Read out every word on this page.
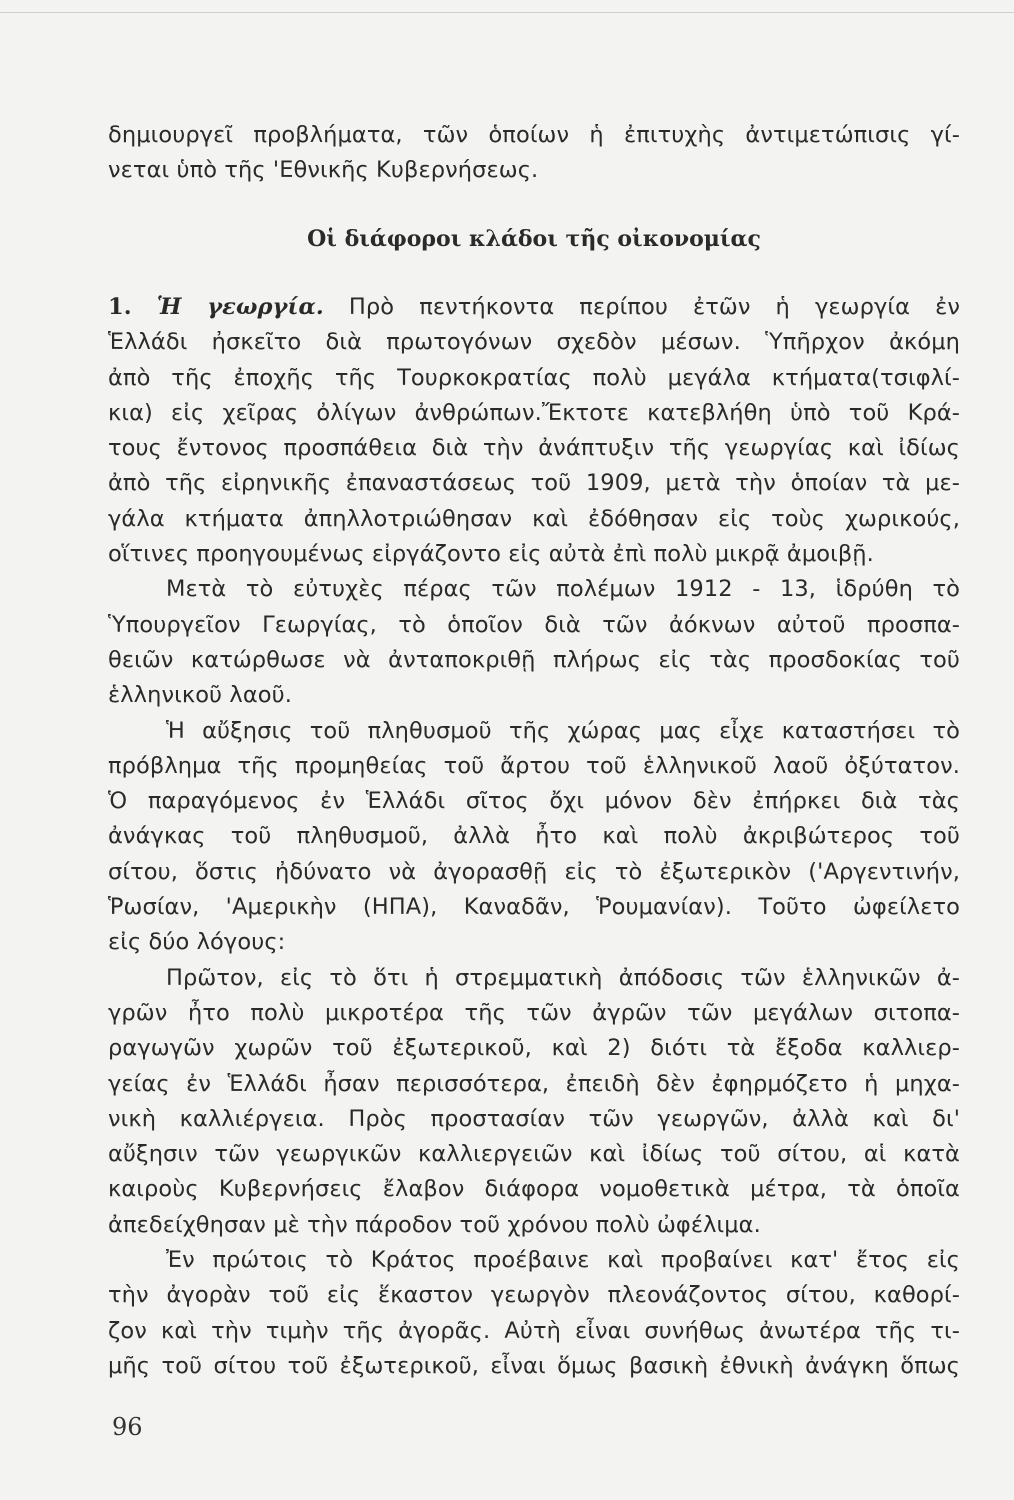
δημιουργεῖ προβλήματα, τῶν ὁποίων ἡ ἐπιτυχὴς ἀντιμετώπισις γί-
νεται ὑπὸ τῆς 'Εθνικῆς Κυβερνήσεως.
Οἱ διάφοροι κλάδοι τῆς οἰκονομίας
1. Ἡ γεωργία. Πρὸ πεντήκοντα περίπου ἐτῶν ἡ γεωργία ἐν
Ἑλλάδι ἠσκεῖτο διὰ πρωτογόνων σχεδὸν μέσων. Ὑπῆρχον ἀκόμη
ἀπὸ τῆς ἐποχῆς τῆς Τουρκοκρατίας πολὺ μεγάλα κτήματα(τσιφλί-
κια) εἰς χεῖρας ὀλίγων ἀνθρώπων.Ἔκτοτε κατεβλήθη ὑπὸ τοῦ Κρά-
τους ἔντονος προσπάθεια διὰ τὴν ἀνάπτυξιν τῆς γεωργίας καὶ ἰδίως
ἀπὸ τῆς εἰρηνικῆς ἐπαναστάσεως τοῦ 1909, μετὰ τὴν ὁποίαν τὰ με-
γάλα κτήματα ἀπηλλοτριώθησαν καὶ ἐδόθησαν εἰς τοὺς χωρικούς,
οἵτινες προηγουμένως εἰργάζοντο εἰς αὐτὰ ἐπὶ πολὺ μικρᾷ ἀμοιβῇ.
Μετὰ τὸ εὐτυχὲς πέρας τῶν πολέμων 1912 - 13, ἱδρύθη τὸ
Ὑπουργεῖον Γεωργίας, τὸ ὁποῖον διὰ τῶν ἀόκνων αὐτοῦ προσπα-
θειῶν κατώρθωσε νὰ ἀνταποκριθῇ πλήρως εἰς τὰς προσδοκίας τοῦ
ἑλληνικοῦ λαοῦ.
Ἡ αὔξησις τοῦ πληθυσμοῦ τῆς χώρας μας εἶχε καταστήσει τὸ
πρόβλημα τῆς προμηθείας τοῦ ἄρτου τοῦ ἑλληνικοῦ λαοῦ ὀξύτατον.
Ὁ παραγόμενος ἐν Ἑλλάδι σῖτος ὄχι μόνον δὲν ἐπήρκει διὰ τὰς
ἀνάγκας τοῦ πληθυσμοῦ, ἀλλὰ ἦτο καὶ πολὺ ἀκριβώτερος τοῦ
σίτου, ὅστις ἠδύνατο νὰ ἀγορασθῇ εἰς τὸ ἐξωτερικὸν ('Αργεντινήν,
Ῥωσίαν, 'Αμερικὴν (ΗΠΑ), Καναδᾶν, Ῥουμανίαν). Τοῦτο ὠφείλετο
εἰς δύο λόγους:
Πρῶτον, εἰς τὸ ὅτι ἡ στρεμματικὴ ἀπόδοσις τῶν ἑλληνικῶν ἀ-
γρῶν ἦτο πολὺ μικροτέρα τῆς τῶν ἀγρῶν τῶν μεγάλων σιτοπα-
ραγωγῶν χωρῶν τοῦ ἐξωτερικοῦ, καὶ 2) διότι τὰ ἔξοδα καλλιερ-
γείας ἐν Ἑλλάδι ἦσαν περισσότερα, ἐπειδὴ δὲν ἐφηρμόζετο ἡ μηχα-
νικὴ καλλιέργεια. Πρὸς προστασίαν τῶν γεωργῶν, ἀλλὰ καὶ δι'
αὔξησιν τῶν γεωργικῶν καλλιεργειῶν καὶ ἰδίως τοῦ σίτου, αἱ κατὰ
καιροὺς Κυβερνήσεις ἔλαβον διάφορα νομοθετικὰ μέτρα, τὰ ὁποῖα
ἀπεδείχθησαν μὲ τὴν πάροδον τοῦ χρόνου πολὺ ὠφέλιμα.
Ἐν πρώτοις τὸ Κράτος προέβαινε καὶ προβαίνει κατ' ἔτος εἰς
τὴν ἀγορὰν τοῦ εἰς ἕκαστον γεωργὸν πλεονάζοντος σίτου, καθορί-
ζον καὶ τὴν τιμὴν τῆς ἀγορᾶς. Αὐτὴ εἶναι συνήθως ἀνωτέρα τῆς τι-
μῆς τοῦ σίτου τοῦ ἐξωτερικοῦ, εἶναι ὅμως βασικὴ ἐθνικὴ ἀνάγκη ὅπως
96
